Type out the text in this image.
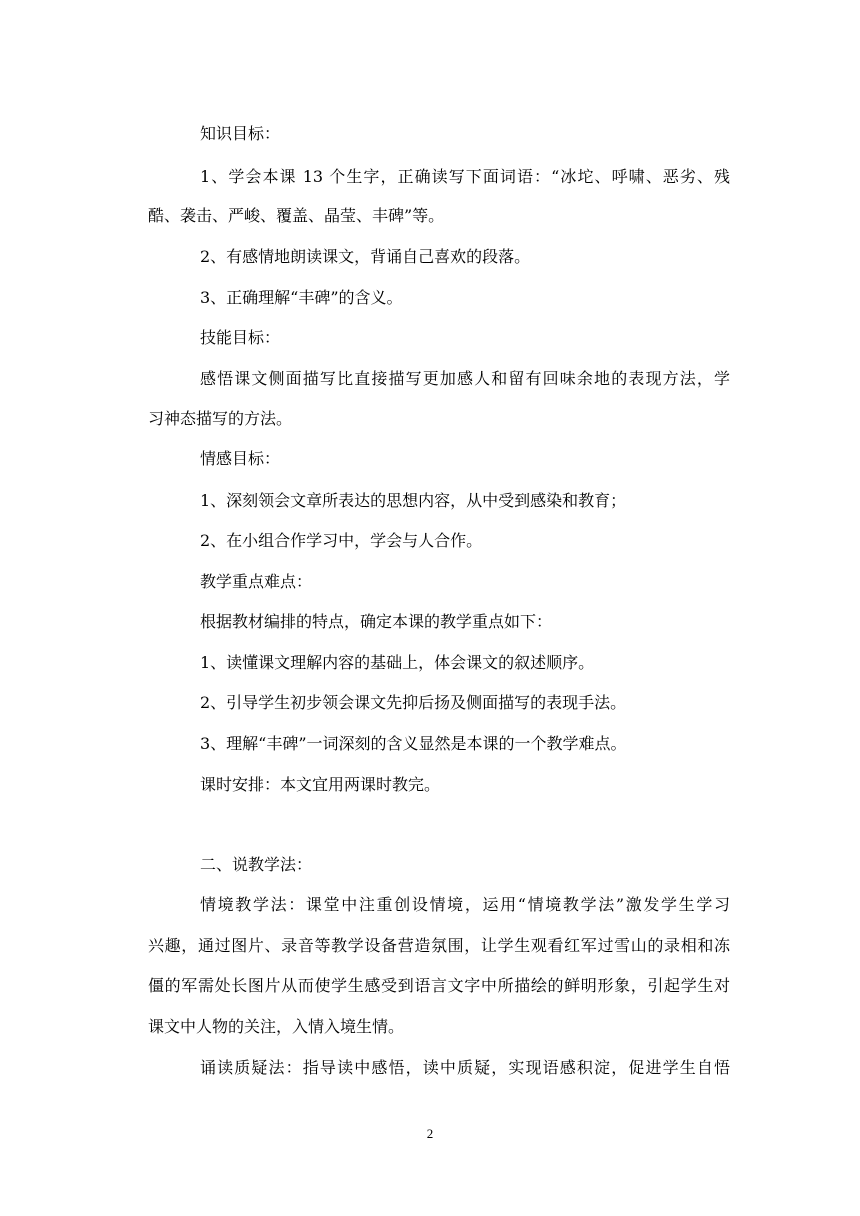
知识目标：
1、学会本课 13 个生字，正确读写下面词语：“冰坨、呼啸、恶劣、残
酷、袭击、严峻、覆盖、晶莹、丰碑”等。
2、有感情地朗读课文，背诵自己喜欢的段落。
3、正确理解“丰碑”的含义。
技能目标：
感悟课文侧面描写比直接描写更加感人和留有回味余地的表现方法，学
习神态描写的方法。
情感目标：
1、深刻领会文章所表达的思想内容，从中受到感染和教育；
2、在小组合作学习中，学会与人合作。
教学重点难点：
根据教材编排的特点，确定本课的教学重点如下：
1、读懂课文理解内容的基础上，体会课文的叙述顺序。
2、引导学生初步领会课文先抑后扬及侧面描写的表现手法。
3、理解“丰碑”一词深刻的含义显然是本课的一个教学难点。
课时安排：本文宜用两课时教完。
二、说教学法：
情境教学法：课堂中注重创设情境，运用“情境教学法”激发学生学习
兴趣，通过图片、录音等教学设备营造氛围，让学生观看红军过雪山的录相和冻
僵的军需处长图片从而使学生感受到语言文字中所描绘的鲜明形象，引起学生对
课文中人物的关注，入情入境生情。
诵读质疑法：指导读中感悟，读中质疑，实现语感积淀，促进学生自悟
2
